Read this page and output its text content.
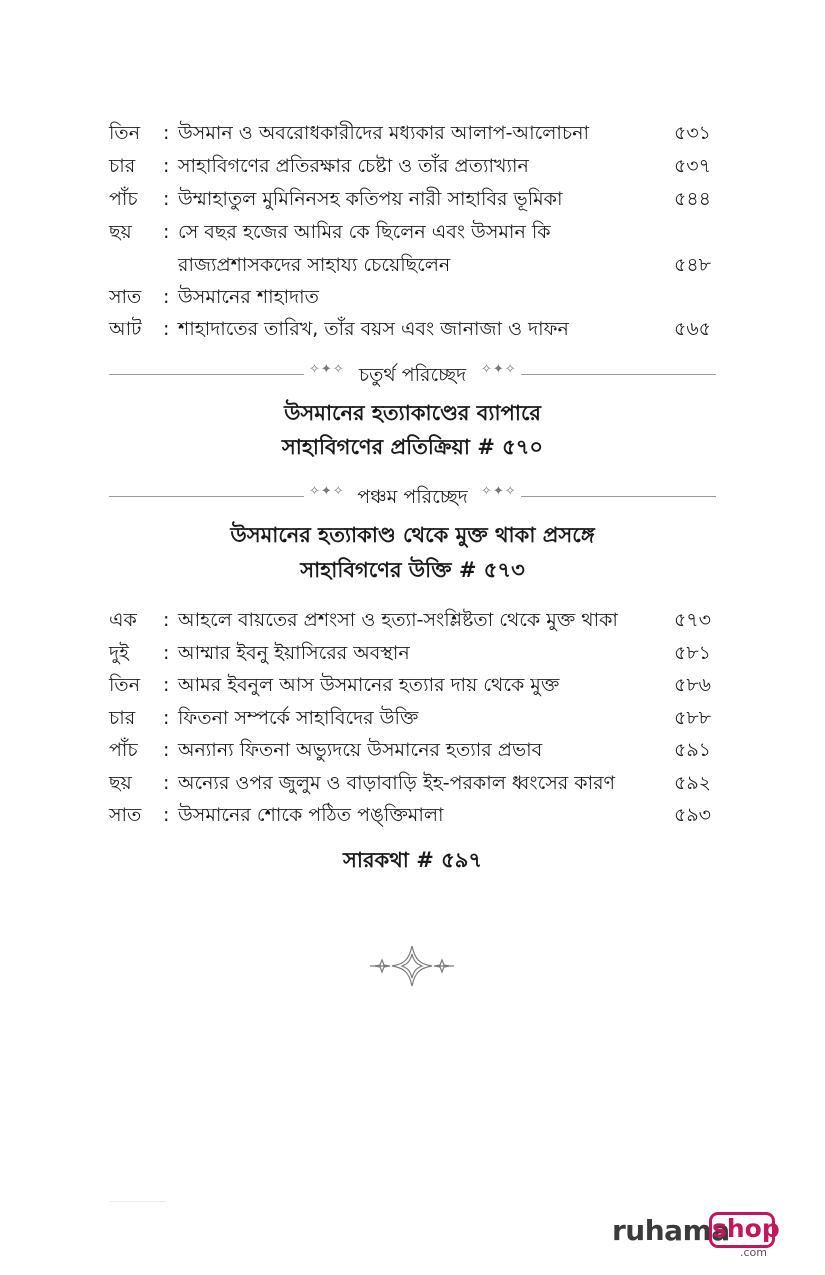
তিন : উসমান ও অবরোধকারীদের মধ্যকার আলাপ-আলোচনা	৫৩১
চার : সাহাবিগণের প্রতিরক্ষার চেষ্টা ও তাঁর প্রত্যাখ্যান	৫৩৭
পাঁচ : উম্মাহাতুল মুমিনিনসহ কতিপয় নারী সাহাবির ভূমিকা	৫৪৪
ছয় : সে বছর হজের আমির কে ছিলেন এবং উসমান কি
রাজ্যপ্রশাসকদের সাহায্য চেয়েছিলেন	৫৪৮
সাত : উসমানের শাহাদাত
আট : শাহাদাতের তারিখ, তাঁর বয়স এবং জানাজা ও দাফন	৫৬৫
✧✦✧ চতুর্থ পরিচ্ছেদ	✧✦✧
উসমানের হত্যাকাণ্ডের ব্যাপারে
সাহাবিগণের প্রতিক্রিয়া # ৫৭০
✧✦✧ পঞ্চম পরিচ্ছেদ	✧✦✧
উসমানের হত্যাকাণ্ড থেকে মুক্ত থাকা প্রসঙ্গে
সাহাবিগণের উক্তি # ৫৭৩
এক : আহলে বায়তের প্রশংসা ও হত্যা-সংশ্লিষ্টতা থেকে মুক্ত থাকা	৫৭৩
দুই : আম্মার ইবনু ইয়াসিরের অবস্থান	৫৮১
তিন : আমর ইবনুল আস উসমানের হত্যার দায় থেকে মুক্ত	৫৮৬
চার : ফিতনা সম্পর্কে সাহাবিদের উক্তি	৫৮৮
পাঁচ : অন্যান্য ফিতনা অভ্যুদয়ে উসমানের হত্যার প্রভাব	৫৯১
ছয় : অন্যের ওপর জুলুম ও বাড়াবাড়ি ইহ-পরকাল ধ্বংসের কারণ	৫৯২
সাত : উসমানের শোকে পঠিত পঙ্‌ক্তিমালা	৫৯৩
সারকথা # ৫৯৭
ruhama
shop
.com
